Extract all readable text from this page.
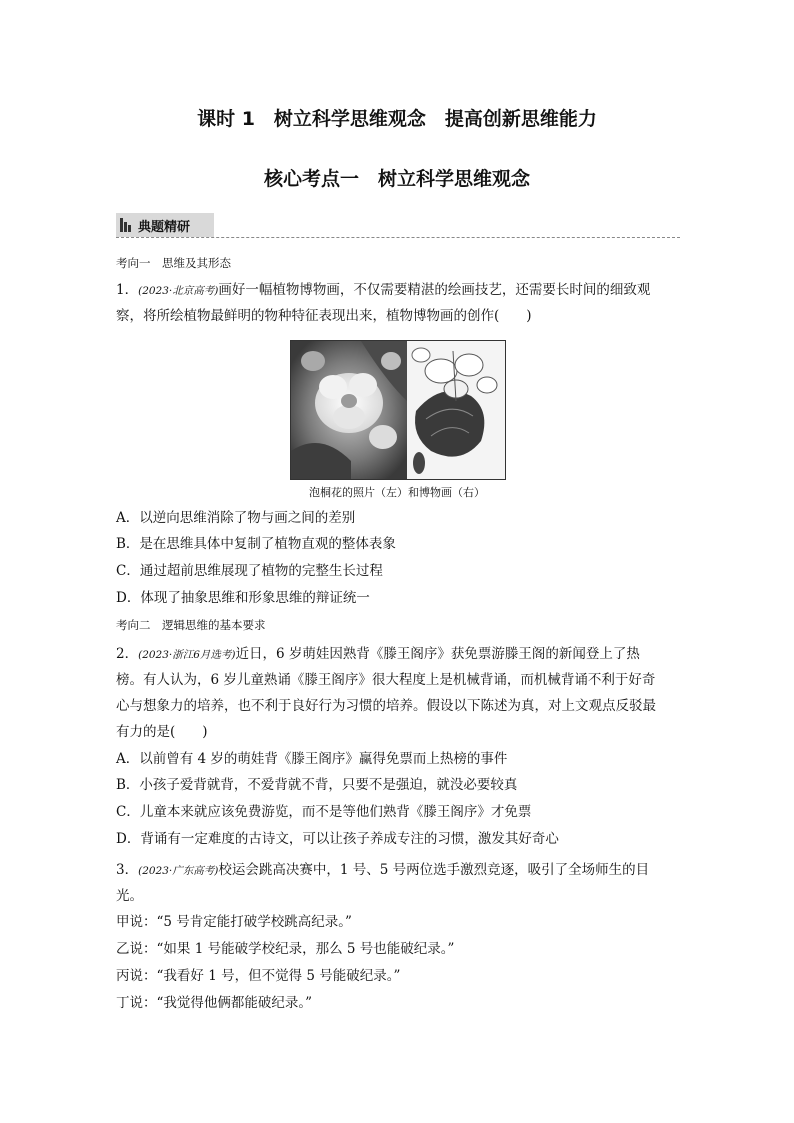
课时 1　树立科学思维观念　提高创新思维能力
核心考点一　树立科学思维观念
典题精研
考向一　思维及其形态
1．(2023·北京高考)画好一幅植物博物画，不仅需要精湛的绘画技艺，还需要长时间的细致观
察，将所绘植物最鲜明的物种特征表现出来，植物博物画的创作(　　)
泡桐花的照片（左）和博物画（右）
A．以逆向思维消除了物与画之间的差别
B．是在思维具体中复制了植物直观的整体表象
C．通过超前思维展现了植物的完整生长过程
D．体现了抽象思维和形象思维的辩证统一
考向二　逻辑思维的基本要求
2．(2023·浙江6月选考)近日，6 岁萌娃因熟背《滕王阁序》获免票游滕王阁的新闻登上了热
榜。有人认为，6 岁儿童熟诵《滕王阁序》很大程度上是机械背诵，而机械背诵不利于好奇
心与想象力的培养，也不利于良好行为习惯的培养。假设以下陈述为真，对上文观点反驳最
有力的是(　　)
A．以前曾有 4 岁的萌娃背《滕王阁序》赢得免票而上热榜的事件
B．小孩子爱背就背，不爱背就不背，只要不是强迫，就没必要较真
C．儿童本来就应该免费游览，而不是等他们熟背《滕王阁序》才免票
D．背诵有一定难度的古诗文，可以让孩子养成专注的习惯，激发其好奇心
3．(2023·广东高考)校运会跳高决赛中，1 号、5 号两位选手激烈竞逐，吸引了全场师生的目
光。
甲说：“5 号肯定能打破学校跳高纪录。”
乙说：“如果 1 号能破学校纪录，那么 5 号也能破纪录。”
丙说：“我看好 1 号，但不觉得 5 号能破纪录。”
丁说：“我觉得他俩都能破纪录。”
